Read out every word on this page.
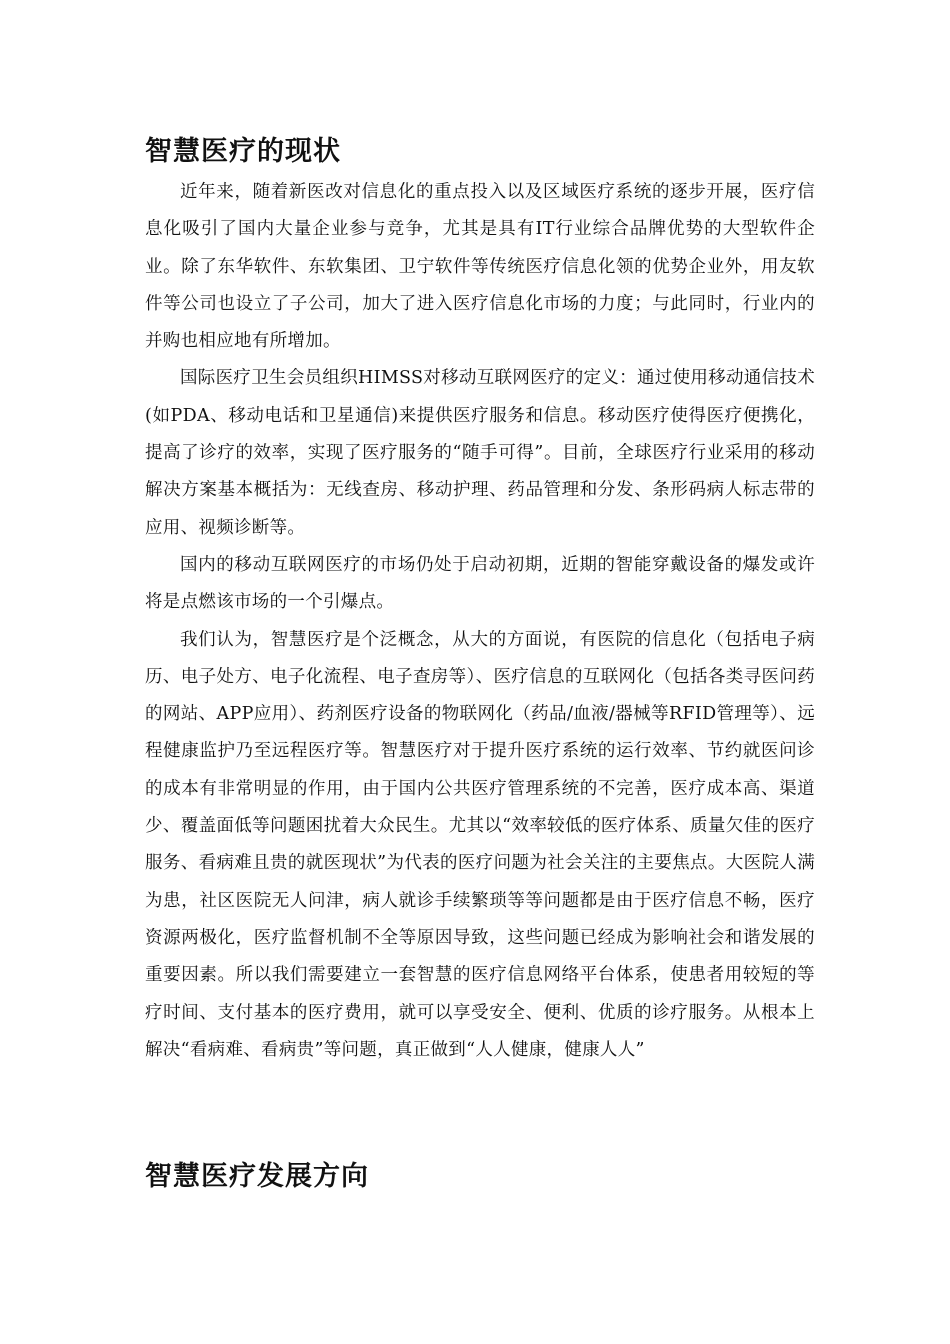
智慧医疗的现状

近年来，随着新医改对信息化的重点投入以及区域医疗系统的逐步开展，医疗信息化吸引了国内大量企业参与竞争，尤其是具有IT行业综合品牌优势的大型软件企业。除了东华软件、东软集团、卫宁软件等传统医疗信息化领的优势企业外，用友软件等公司也设立了子公司，加大了进入医疗信息化市场的力度；与此同时，行业内的并购也相应地有所增加。

国际医疗卫生会员组织HIMSS对移动互联网医疗的定义：通过使用移动通信技术(如PDA、移动电话和卫星通信)来提供医疗服务和信息。移动医疗使得医疗便携化，提高了诊疗的效率，实现了医疗服务的“随手可得”。目前，全球医疗行业采用的移动解决方案基本概括为：无线查房、移动护理、药品管理和分发、条形码病人标志带的应用、视频诊断等。

国内的移动互联网医疗的市场仍处于启动初期，近期的智能穿戴设备的爆发或许将是点燃该市场的一个引爆点。

我们认为，智慧医疗是个泛概念，从大的方面说，有医院的信息化（包括电子病历、电子处方、电子化流程、电子查房等）、医疗信息的互联网化（包括各类寻医问药的网站、APP应用）、药剂医疗设备的物联网化（药品/血液/器械等RFID管理等）、远程健康监护乃至远程医疗等。智慧医疗对于提升医疗系统的运行效率、节约就医问诊的成本有非常明显的作用，由于国内公共医疗管理系统的不完善，医疗成本高、渠道少、覆盖面低等问题困扰着大众民生。尤其以“效率较低的医疗体系、质量欠佳的医疗服务、看病难且贵的就医现状”为代表的医疗问题为社会关注的主要焦点。大医院人满为患，社区医院无人问津，病人就诊手续繁琐等等问题都是由于医疗信息不畅，医疗资源两极化，医疗监督机制不全等原因导致，这些问题已经成为影响社会和谐发展的重要因素。所以我们需要建立一套智慧的医疗信息网络平台体系，使患者用较短的等疗时间、支付基本的医疗费用，就可以享受安全、便利、优质的诊疗服务。从根本上解决“看病难、看病贵”等问题，真正做到“人人健康，健康人人”

智慧医疗发展方向
